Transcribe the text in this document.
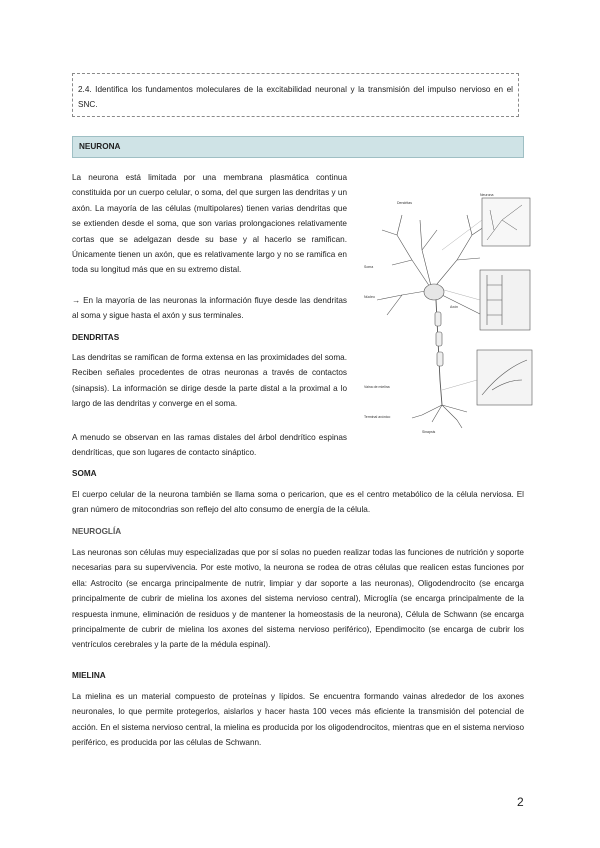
2.4. Identifica los fundamentos moleculares de la excitabilidad neuronal y la transmisión del impulso nervioso en el SNC.
NEURONA

La neurona está limitada por una membrana plasmática continua constituida por un cuerpo celular, o soma, del que surgen las dendritas y un axón. La mayoría de las células (multipolares) tienen varias dendritas que se extienden desde el soma, que son varias prolongaciones relativamente cortas que se adelgazan desde su base y al hacerlo se ramifican. Únicamente tienen un axón, que es relativamente largo y no se ramifica en toda su longitud más que en su extremo distal.

→ En la mayoría de las neuronas la información fluye desde las dendritas al soma y sigue hasta el axón y sus terminales.

DENDRITAS

Las dendritas se ramifican de forma extensa en las proximidades del soma. Reciben señales procedentes de otras neuronas a través de contactos (sinapsis). La información se dirige desde la parte distal a la proximal a lo largo de las dendritas y converge en el soma.

A menudo se observan en las ramas distales del árbol dendrítico espinas dendríticas, que son lugares de contacto sináptico.

SOMA

El cuerpo celular de la neurona también se llama soma o pericarion, que es el centro metabólico de la célula nerviosa. El gran número de mitocondrias son reflejo del alto consumo de energía de la célula.

NEUROGLÍA

Las neuronas son células muy especializadas que por sí solas no pueden realizar todas las funciones de nutrición y soporte necesarias para su supervivencia. Por este motivo, la neurona se rodea de otras células que realicen estas funciones por ella: Astrocito (se encarga principalmente de nutrir, limpiar y dar soporte a las neuronas), Oligodendrocito (se encarga principalmente de cubrir de mielina los axones del sistema nervioso central), Microglía (se encarga principalmente de la respuesta inmune, eliminación de residuos y de mantener la homeostasis de la neurona), Célula de Schwann (se encarga principalmente de cubrir de mielina los axones del sistema nervioso periférico), Ependimocito (se encarga de cubrir los ventrículos cerebrales y la parte de la médula espinal).

MIELINA

La mielina es un material compuesto de proteínas y lípidos. Se encuentra formando vainas alrededor de los axones neuronales, lo que permite protegerlos, aislarlos y hacer hasta 100 veces más eficiente la transmisión del potencial de acción. En el sistema nervioso central, la mielina es producida por los oligodendrocitos, mientras que en el sistema nervioso periférico, es producida por las células de Schwann.

Neurona
Dendritas
Soma
Núcleo
Axón
Vaina de mielina
Terminal axónico
Sinapsis
2
